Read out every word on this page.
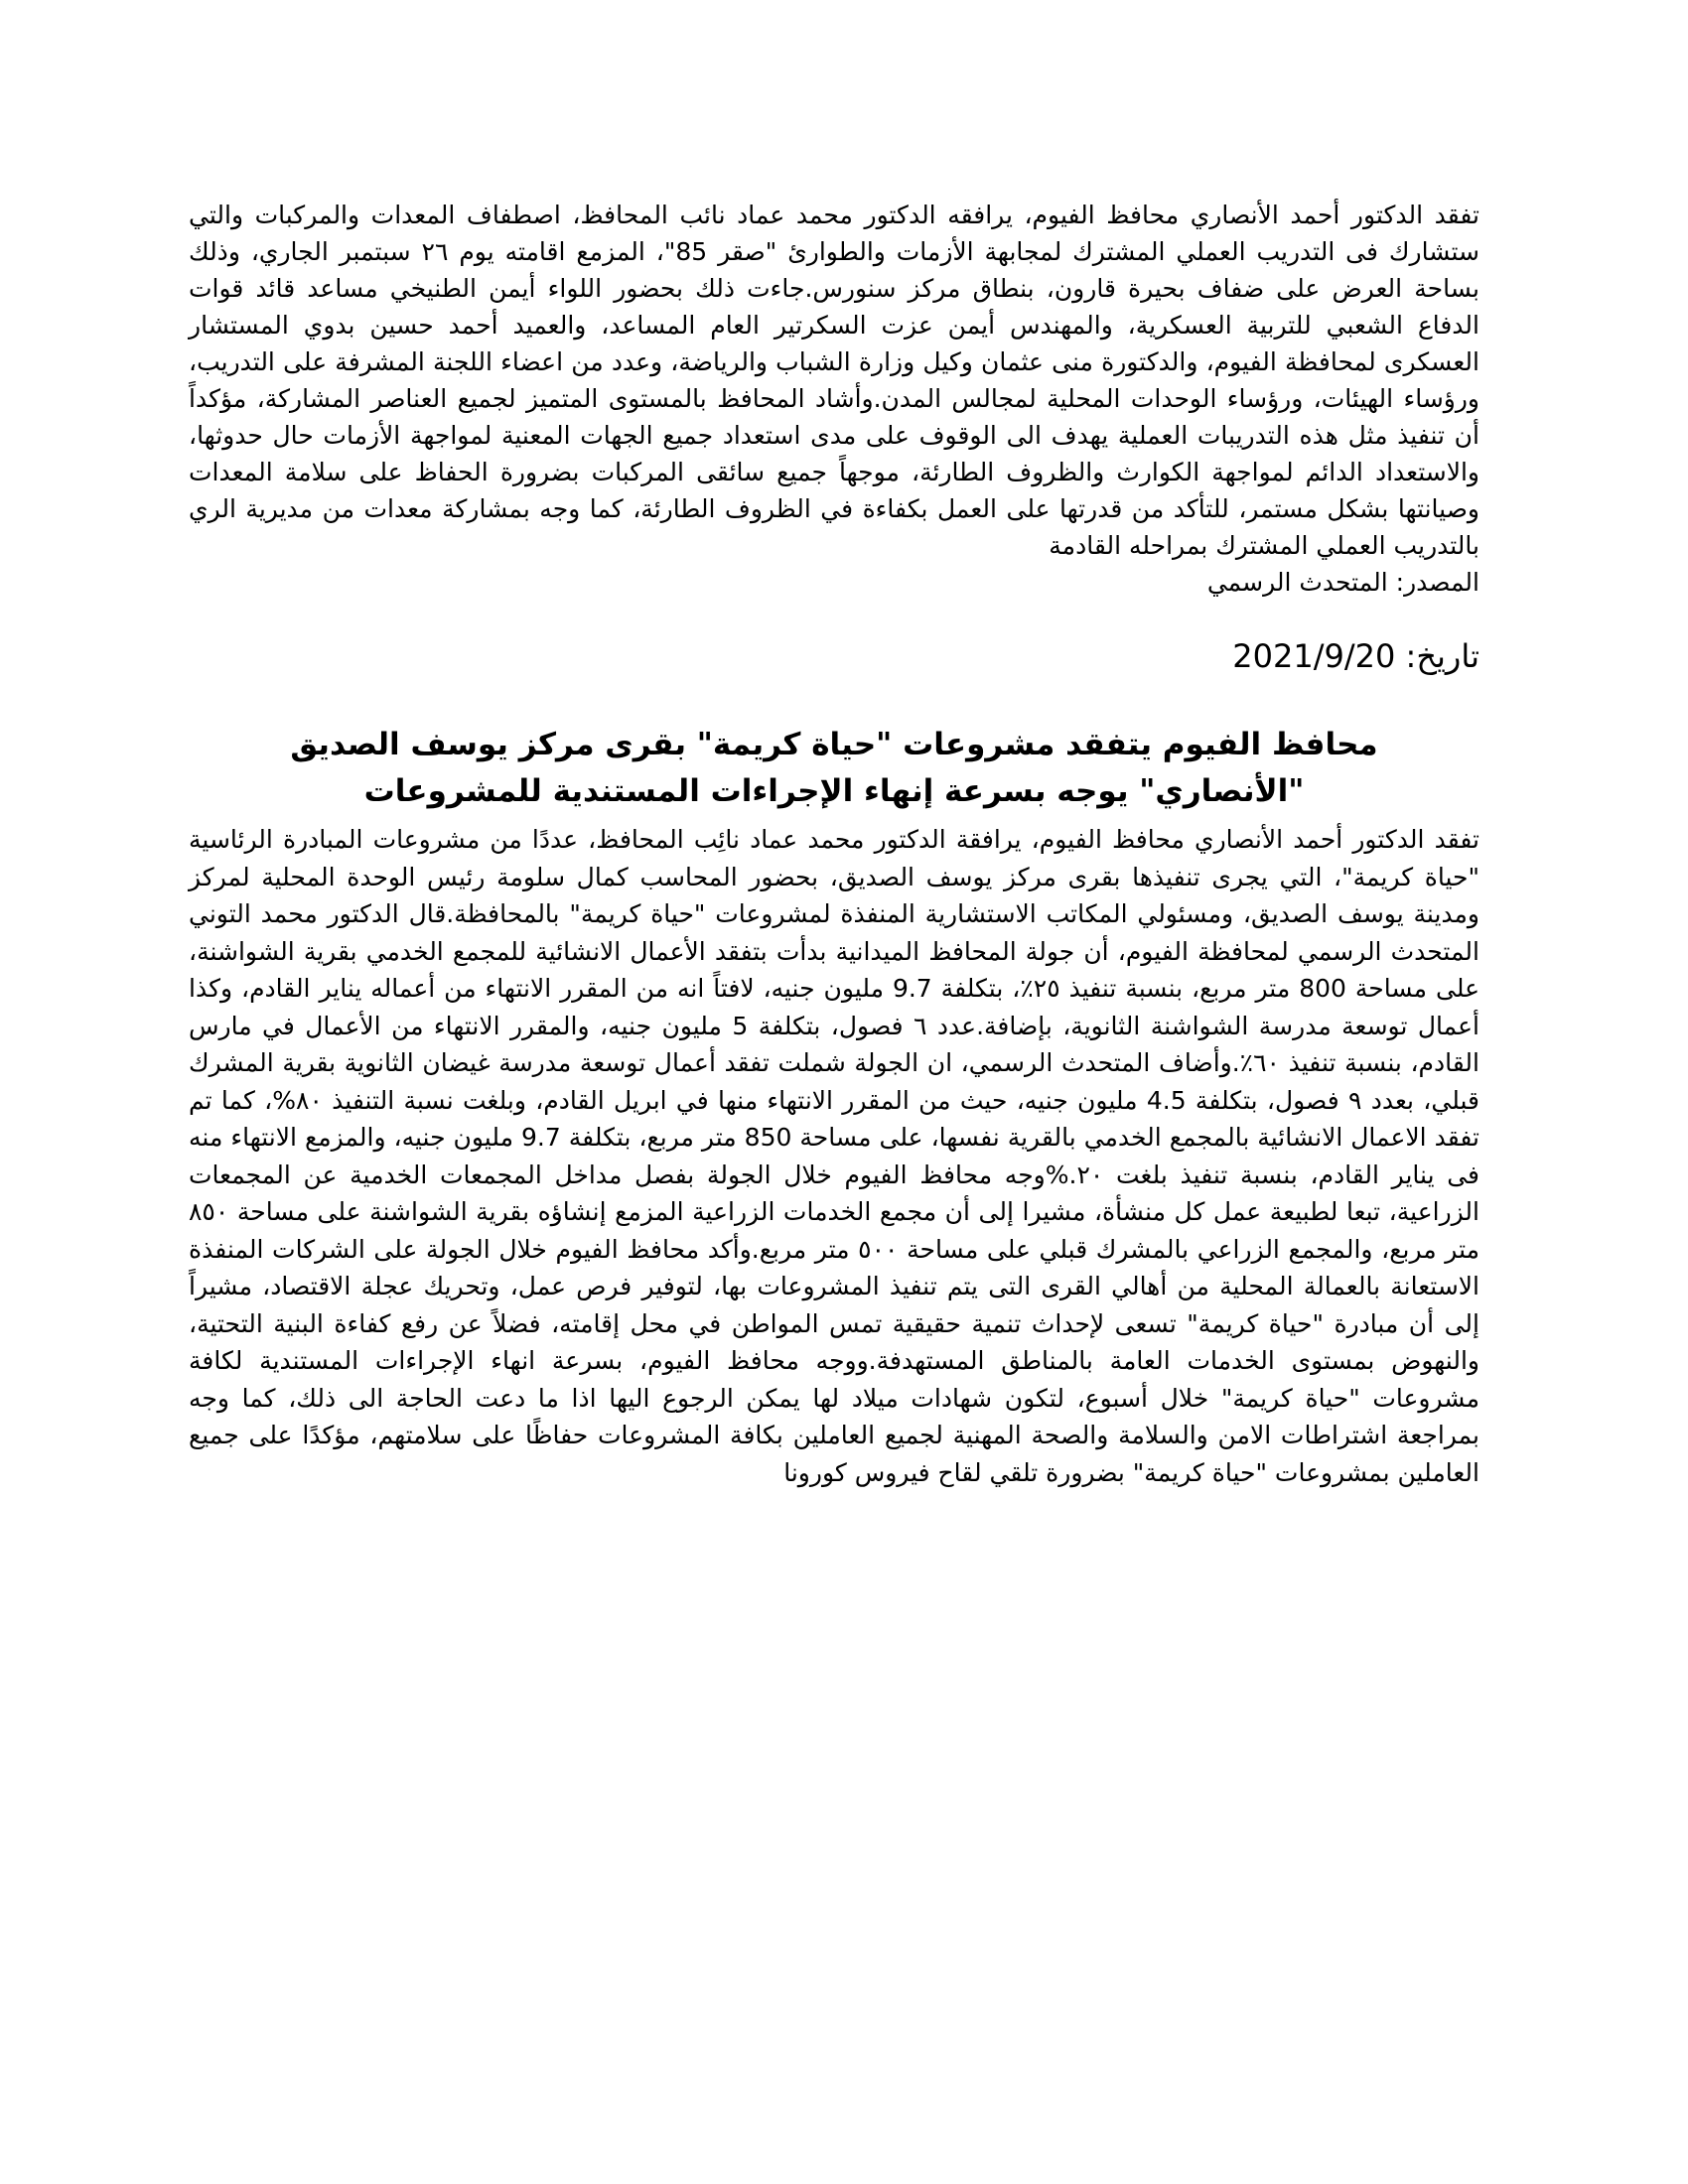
تفقد الدكتور أحمد الأنصاري محافظ الفيوم، يرافقه الدكتور محمد عماد نائب المحافظ، اصطفاف المعدات والمركبات والتي ستشارك فى التدريب العملي المشترك لمجابهة الأزمات والطوارئ "صقر 85"، المزمع اقامته يوم ٢٦ سبتمبر الجاري، وذلك بساحة العرض على ضفاف بحيرة قارون، بنطاق مركز سنورس.جاءت ذلك بحضور اللواء أيمن الطنيخي مساعد قائد قوات الدفاع الشعبي للتربية العسكرية، والمهندس أيمن عزت السكرتير العام المساعد، والعميد أحمد حسين بدوي المستشار العسكرى لمحافظة الفيوم، والدكتورة منى عثمان وكيل وزارة الشباب والرياضة، وعدد من اعضاء اللجنة المشرفة على التدريب، ورؤساء الهيئات، ورؤساء الوحدات المحلية لمجالس المدن.وأشاد المحافظ بالمستوى المتميز لجميع العناصر المشاركة، مؤكداً أن تنفيذ مثل هذه التدريبات العملية يهدف الى الوقوف على مدى استعداد جميع الجهات المعنية لمواجهة الأزمات حال حدوثها، والاستعداد الدائم لمواجهة الكوارث والظروف الطارئة، موجهاً جميع سائقى المركبات بضرورة الحفاظ على سلامة المعدات وصيانتها بشكل مستمر، للتأكد من قدرتها على العمل بكفاءة في الظروف الطارئة، كما وجه بمشاركة معدات من مديرية الري بالتدريب العملي المشترك بمراحله القادمة

المصدر: المتحدث الرسمي

تاريخ: 2021/9/20

محافظ الفيوم يتفقد مشروعات "حياة كريمة" بقرى مركز يوسف الصديق
"الأنصاري" يوجه بسرعة إنهاء الإجراءات المستندية للمشروعات

تفقد الدكتور أحمد الأنصاري محافظ الفيوم، يرافقة الدكتور محمد عماد نائِب المحافظ، عددًا من مشروعات المبادرة الرئاسية "حياة كريمة"، التي يجرى تنفيذها بقرى مركز يوسف الصديق، بحضور المحاسب كمال سلومة رئيس الوحدة المحلية لمركز ومدينة يوسف الصديق، ومسئولي المكاتب الاستشارية المنفذة لمشروعات "حياة كريمة" بالمحافظة.قال الدكتور محمد التوني المتحدث الرسمي لمحافظة الفيوم، أن جولة المحافظ الميدانية بدأت بتفقد الأعمال الانشائية للمجمع الخدمي بقرية الشواشنة، على مساحة 800 متر مربع، بنسبة تنفيذ ٢٥٪، بتكلفة 9.7 مليون جنيه، لافتاً انه من المقرر الانتهاء من أعماله يناير القادم، وكذا أعمال توسعة مدرسة الشواشنة الثانوية، بإضافة.عدد ٦ فصول، بتكلفة 5 مليون جنيه، والمقرر الانتهاء من الأعمال في مارس القادم، بنسبة تنفيذ ٦٠٪.وأضاف المتحدث الرسمي، ان الجولة شملت تفقد أعمال توسعة مدرسة غيضان الثانوية بقرية المشرك قبلي، بعدد ٩ فصول، بتكلفة 4.5 مليون جنيه، حيث من المقرر الانتهاء منها في ابريل القادم، وبلغت نسبة التنفيذ ٨٠%، كما تم تفقد الاعمال الانشائية بالمجمع الخدمي بالقرية نفسها، على مساحة 850 متر مربع، بتكلفة 9.7 مليون جنيه، والمزمع الانتهاء منه فى يناير القادم، بنسبة تنفيذ بلغت ٢٠.%وجه محافظ الفيوم خلال الجولة بفصل مداخل المجمعات الخدمية عن المجمعات الزراعية، تبعا لطبيعة عمل كل منشأة، مشيرا إلى أن مجمع الخدمات الزراعية المزمع إنشاؤه بقرية الشواشنة على مساحة ٨٥٠ متر مربع، والمجمع الزراعي بالمشرك قبلي على مساحة ٥٠٠ متر مربع.وأكد محافظ الفيوم خلال الجولة على الشركات المنفذة الاستعانة بالعمالة المحلية من أهالي القرى التى يتم تنفيذ المشروعات بها، لتوفير فرص عمل، وتحريك عجلة الاقتصاد، مشيراً إلى أن مبادرة "حياة كريمة" تسعى لإحداث تنمية حقيقية تمس المواطن في محل إقامته، فضلاً عن رفع كفاءة البنية التحتية، والنهوض بمستوى الخدمات العامة بالمناطق المستهدفة.ووجه محافظ الفيوم، بسرعة انهاء الإجراءات المستندية لكافة مشروعات "حياة كريمة" خلال أسبوع، لتكون شهادات ميلاد لها يمكن الرجوع اليها اذا ما دعت الحاجة الى ذلك، كما وجه بمراجعة اشتراطات الامن والسلامة والصحة المهنية لجميع العاملين بكافة المشروعات حفاظًا على سلامتهم، مؤكدًا على جميع العاملين بمشروعات "حياة كريمة" بضرورة تلقي لقاح فيروس كورونا
